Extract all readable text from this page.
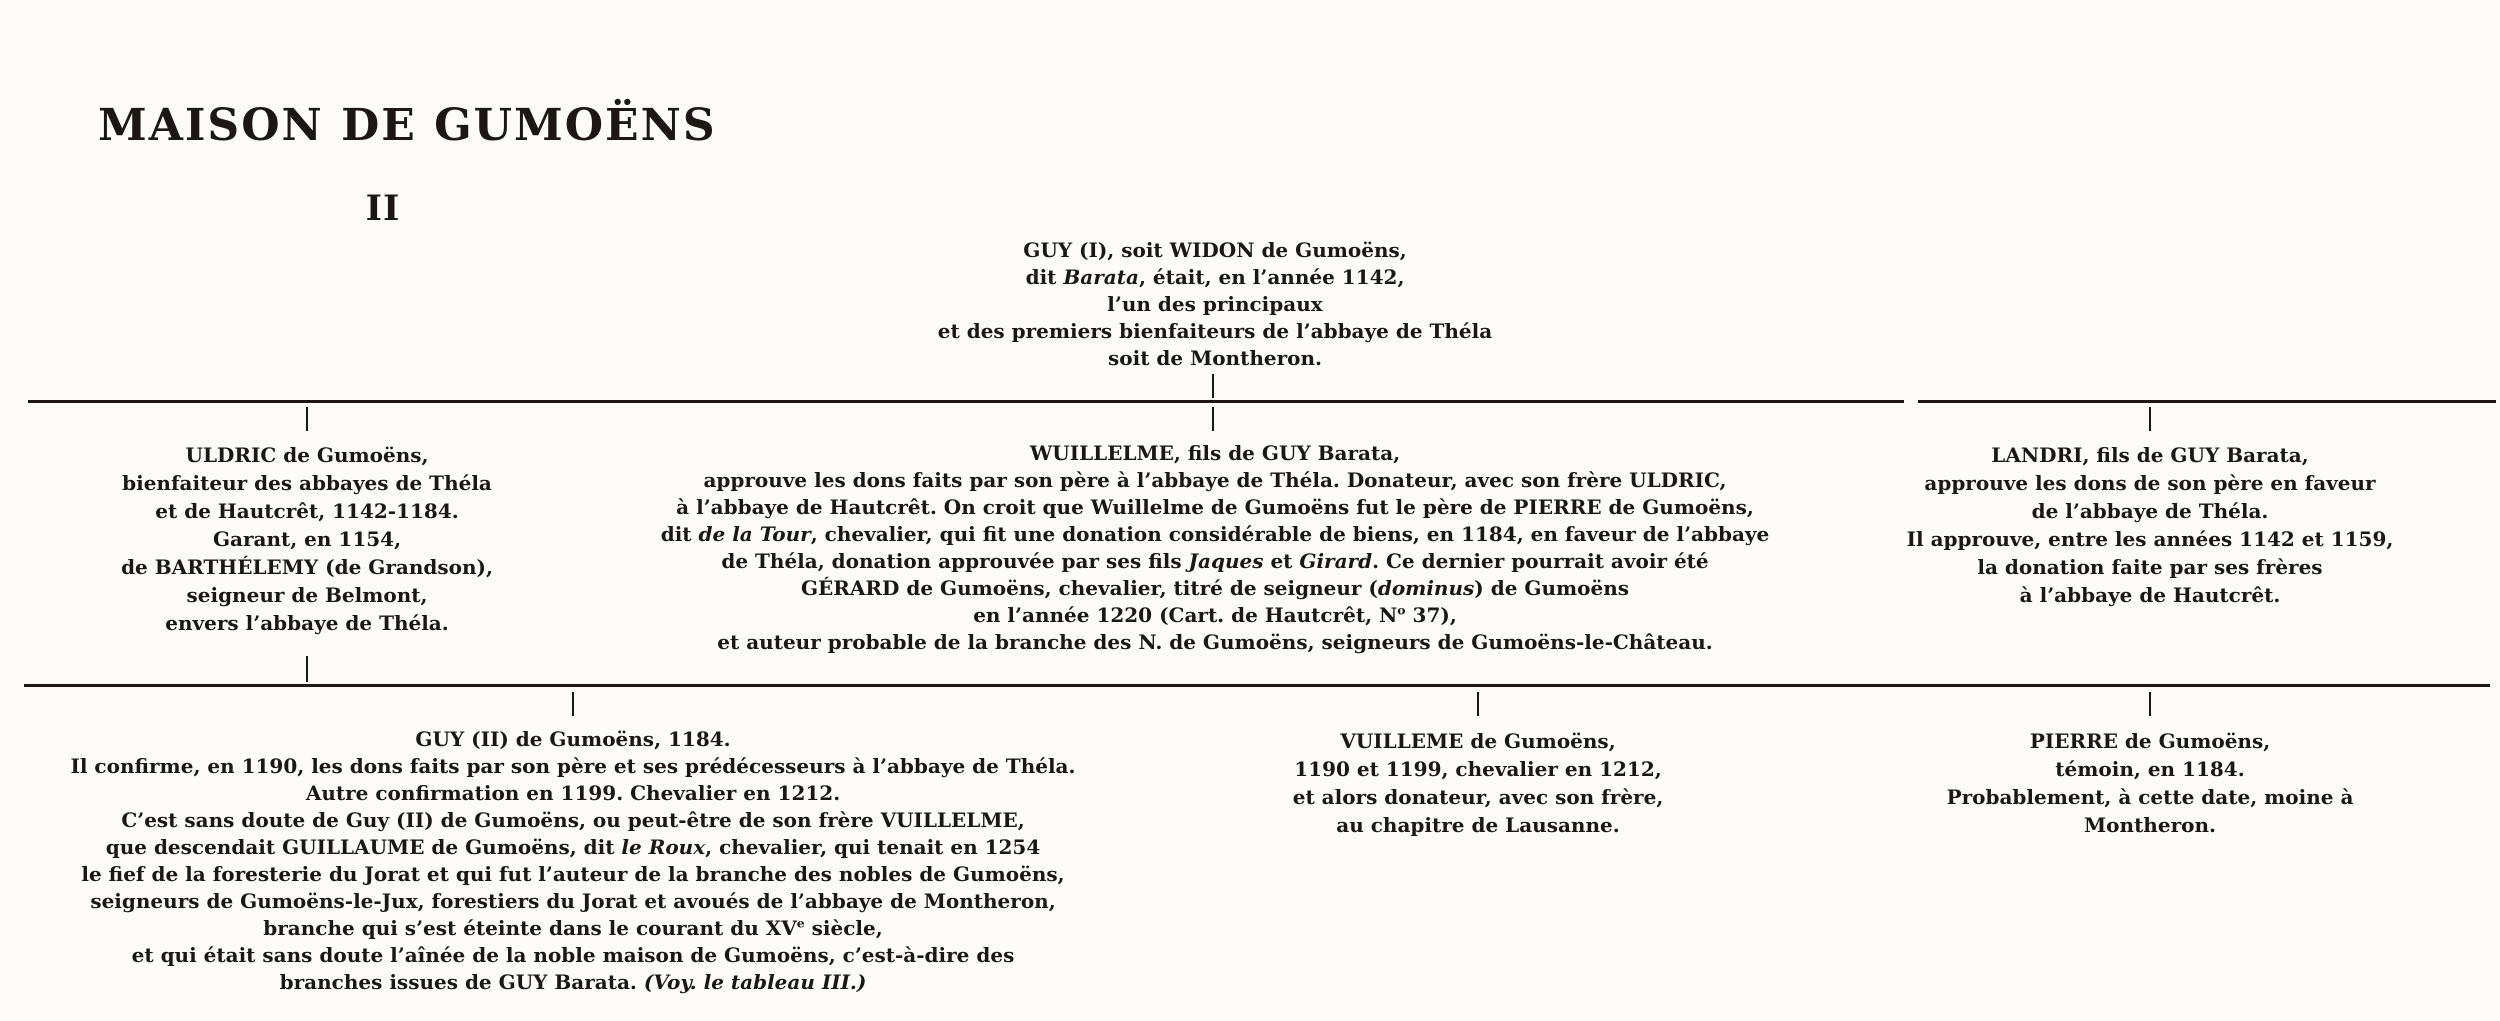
MAISON DE GUMOËNS
II
GUY (I), soit WIDON de Gumoëns,
dit Barata, était, en l’année 1142,
l’un des principaux
et des premiers bienfaiteurs de l’abbaye de Théla
soit de Montheron.
ULDRIC de Gumoëns,
bienfaiteur des abbayes de Théla
et de Hautcrêt, 1142-1184.
Garant, en 1154,
de BARTHÉLEMY (de Grandson),
seigneur de Belmont,
envers l’abbaye de Théla.
WUILLELME, fils de GUY Barata,
approuve les dons faits par son père à l’abbaye de Théla. Donateur, avec son frère ULDRIC,
à l’abbaye de Hautcrêt. On croit que Wuillelme de Gumoëns fut le père de PIERRE de Gumoëns,
dit de la Tour, chevalier, qui fit une donation considérable de biens, en 1184, en faveur de l’abbaye
de Théla, donation approuvée par ses fils Jaques et Girard. Ce dernier pourrait avoir été
GÉRARD de Gumoëns, chevalier, titré de seigneur (dominus) de Gumoëns
en l’année 1220 (Cart. de Hautcrêt, $N^o$ 37),
et auteur probable de la branche des N. de Gumoëns, seigneurs de Gumoëns-le-Château.
LANDRI, fils de GUY Barata,
approuve les dons de son père en faveur
de l’abbaye de Théla.
Il approuve, entre les années 1142 et 1159,
la donation faite par ses frères
à l’abbaye de Hautcrêt.
GUY (II) de Gumoëns, 1184.
Il confirme, en 1190, les dons faits par son père et ses prédécesseurs à l’abbaye de Théla.
Autre confirmation en 1199. Chevalier en 1212.
C’est sans doute de Guy (II) de Gumoëns, ou peut-être de son frère VUILLELME,
que descendait GUILLAUME de Gumoëns, dit le Roux, chevalier, qui tenait en 1254
le fief de la foresterie du Jorat et qui fut l’auteur de la branche des nobles de Gumoëns,
seigneurs de Gumoëns-le-Jux, forestiers du Jorat et avoués de l’abbaye de Montheron,
branche qui s’est éteinte dans le courant du XVe siècle,
et qui était sans doute l’aînée de la noble maison de Gumoëns, c’est-à-dire des
branches issues de GUY Barata. (Voy. le tableau III.)
VUILLEME de Gumoëns,
1190 et 1199, chevalier en 1212,
et alors donateur, avec son frère,
au chapitre de Lausanne.
PIERRE de Gumoëns,
témoin, en 1184.
Probablement, à cette date, moine à
Montheron.
